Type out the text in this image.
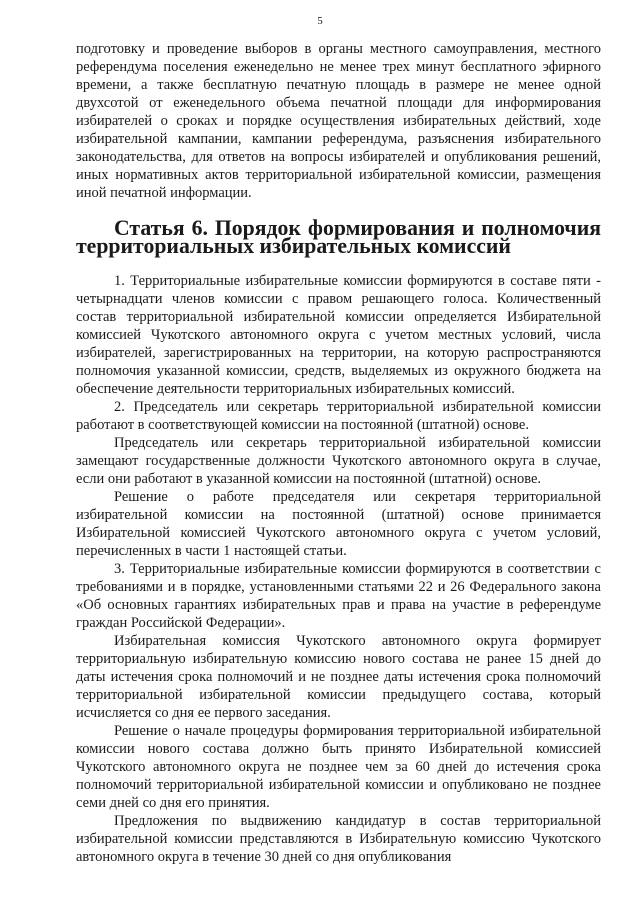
5

подготовку и проведение выборов в органы местного самоуправления, местного референдума поселения еженедельно не менее трех минут бесплатного эфирного времени, а также бесплатную печатную площадь в размере не менее одной двухсотой от еженедельного объема печатной площади для информирования избирателей о сроках и порядке осуществления избирательных действий, ходе избирательной кампании, кампании референдума, разъяснения избирательного законодательства, для ответов на вопросы избирателей и опубликования решений, иных нормативных актов территориальной избирательной комиссии, размещения иной печатной информации.

Статья 6. Порядок формирования и полномочия территориальных избирательных комиссий

1. Территориальные избирательные комиссии формируются в составе пяти - четырнадцати членов комиссии с правом решающего голоса. Количественный состав территориальной избирательной комиссии определяется Избирательной комиссией Чукотского автономного округа с учетом местных условий, числа избирателей, зарегистрированных на территории, на которую распространяются полномочия указанной комиссии, средств, выделяемых из окружного бюджета на обеспечение деятельности территориальных избирательных комиссий.

2. Председатель или секретарь территориальной избирательной комиссии работают в соответствующей комиссии на постоянной (штатной) основе.

Председатель или секретарь территориальной избирательной комиссии замещают государственные должности Чукотского автономного округа в случае, если они работают в указанной комиссии на постоянной (штатной) основе.

Решение о работе председателя или секретаря территориальной избирательной комиссии на постоянной (штатной) основе принимается Избирательной комиссией Чукотского автономного округа с учетом условий, перечисленных в части 1 настоящей статьи.

3. Территориальные избирательные комиссии формируются в соответствии с требованиями и в порядке, установленными статьями 22 и 26 Федерального закона «Об основных гарантиях избирательных прав и права на участие в референдуме граждан Российской Федерации».

Избирательная комиссия Чукотского автономного округа формирует территориальную избирательную комиссию нового состава не ранее 15 дней до даты истечения срока полномочий и не позднее даты истечения срока полномочий территориальной избирательной комиссии предыдущего состава, который исчисляется со дня ее первого заседания.

Решение о начале процедуры формирования территориальной избирательной комиссии нового состава должно быть принято Избирательной комиссией Чукотского автономного округа не позднее чем за 60 дней до истечения срока полномочий территориальной избирательной комиссии и опубликовано не позднее семи дней со дня его принятия.

Предложения по выдвижению кандидатур в состав территориальной избирательной комиссии представляются в Избирательную комиссию Чукотского автономного округа в течение 30 дней со дня опубликования
